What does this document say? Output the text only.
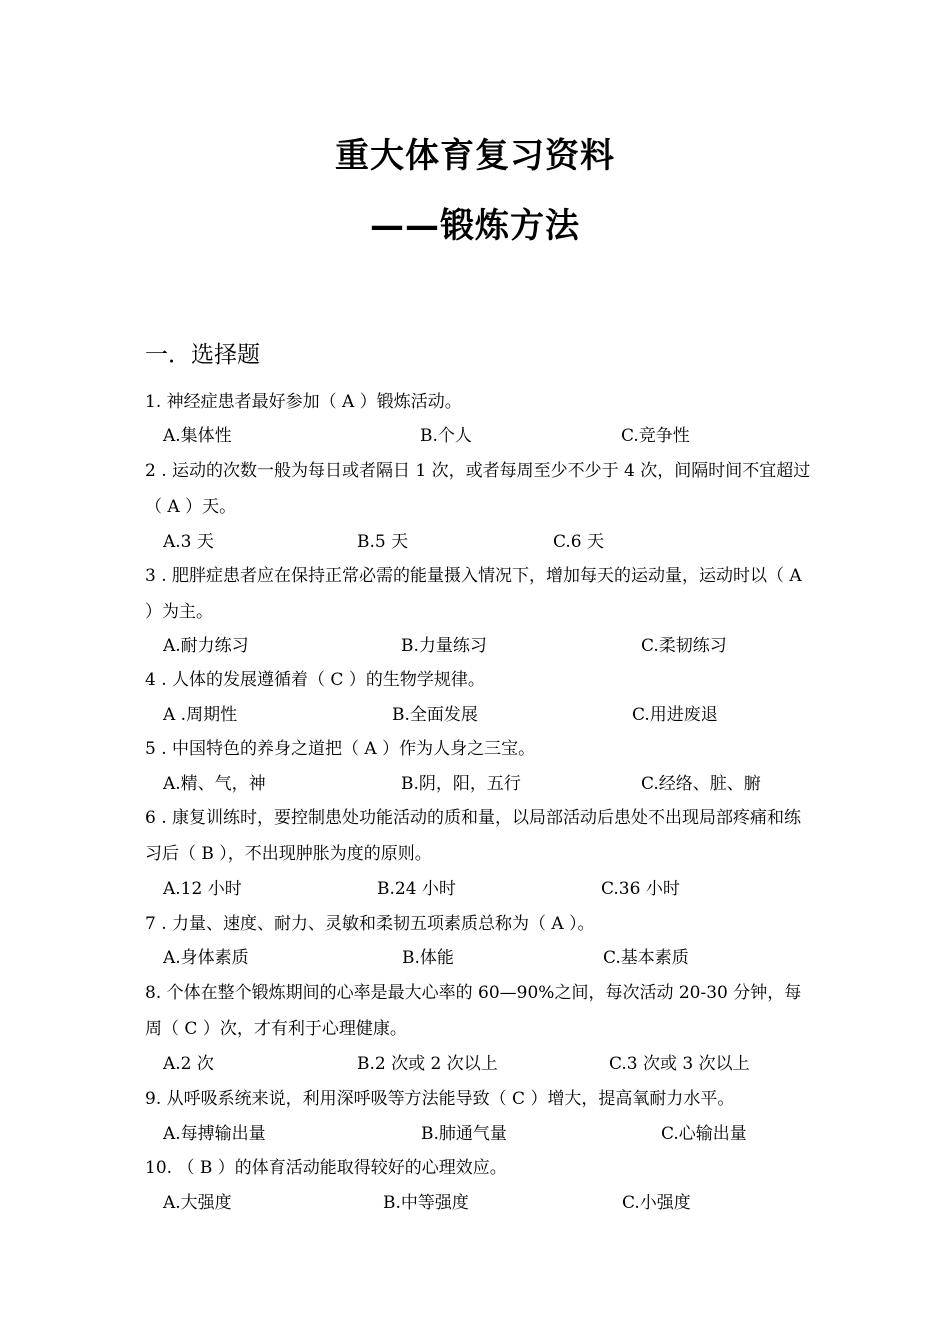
重大体育复习资料
——锻炼方法
一．选择题
1. 神经症患者最好参加（ A ）锻炼活动。
A.集体性	B.个人	C.竞争性
2 . 运动的次数一般为每日或者隔日 1 次，或者每周至少不少于 4 次，间隔时间不宜超过（ A ）天。
A.3 天	B.5 天	C.6 天
3 . 肥胖症患者应在保持正常必需的能量摄入情况下，增加每天的运动量，运动时以（ A ）为主。
A.耐力练习	B.力量练习	C.柔韧练习
4 . 人体的发展遵循着（ C ）的生物学规律。
A .周期性	B.全面发展	C.用进废退
5 . 中国特色的养身之道把（ A ）作为人身之三宝。
A.精、气，神	B.阴，阳，五行	C.经络、脏、腑
6 . 康复训练时，要控制患处功能活动的质和量，以局部活动后患处不出现局部疼痛和练习后（ B ），不出现肿胀为度的原则。
A.12 小时	B.24 小时	C.36 小时
7 . 力量、速度、耐力、灵敏和柔韧五项素质总称为（ A ）。
A.身体素质	B.体能	C.基本素质
8. 个体在整个锻炼期间的心率是最大心率的 60—90%之间，每次活动 20-30 分钟，每周（ C ）次，才有利于心理健康。
A.2 次	B.2 次或 2 次以上	C.3 次或 3 次以上
9. 从呼吸系统来说，利用深呼吸等方法能导致（ C ）增大，提高氧耐力水平。
A.每搏输出量	B.肺通气量	C.心输出量
10. （ B ）的体育活动能取得较好的心理效应。
A.大强度	B.中等强度	C.小强度
